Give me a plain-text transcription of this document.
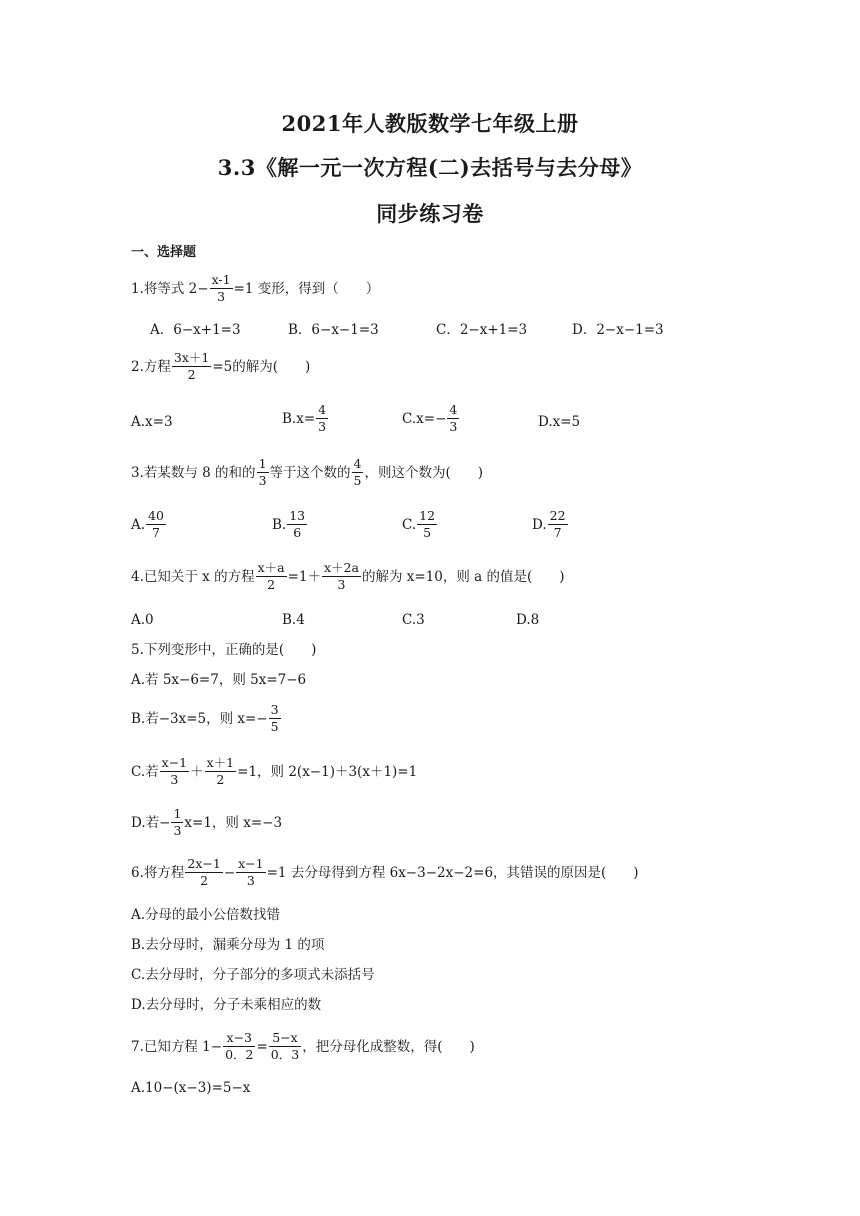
2021年人教版数学七年级上册
3.3《解一元一次方程(二)去括号与去分母》
同步练习卷
一、选择题
1.将等式 $2- \frac{x-1}{3} =1$ 变形，得到（　　）
A．6−x+1=3	B．6−x−1=3	C．2−x+1=3	D．2−x−1=3
2.方程 $\frac{3x+1}{2} =5$的解为(　　)
A.x=3	$B.x= \frac{4}{3}$	$C.x=- \frac{4}{3}$	D.x=5
3.若某数与 8 的和的 $\frac{1}{3}$ 等于这个数的 $\frac{4}{5}$ ，则这个数为(　　)
A. $\frac{40}{7}$	B. $\frac{13}{6}$	C. $\frac{12}{5}$	D. $\frac{22}{7}$
4.已知关于 x 的方程 $\frac{x+a}{2} =1+ \frac{x+2a}{3}$ 的解为 x=10，则 a 的值是(　　)
A.0	B.4	C.3	D.8
5.下列变形中，正确的是(　　)
A.若 5x−6=7，则 5x=7−6
B.若−3x=5，则 $x=- \frac{3}{5}$
C.若 $\frac{x-1}{3} + \frac{x+1}{2} =1$，则 2(x−1)＋3(x＋1)=1
D.若− $\frac{1}{3} x=1$，则 x=−3
6.将方程 $\frac{2x-1}{2} - \frac{x-1}{3} =1$ 去分母得到方程 6x−3−2x−2=6，其错误的原因是(　　)
A.分母的最小公倍数找错
B.去分母时，漏乘分母为 1 的项
C.去分母时，分子部分的多项式未添括号
D.去分母时，分子未乘相应的数
7.已知方程 $1- \frac{x-3}{0.2} = \frac{5-x}{0.3}$ ，把分母化成整数，得(　　)
A.10−(x−3)=5−x
